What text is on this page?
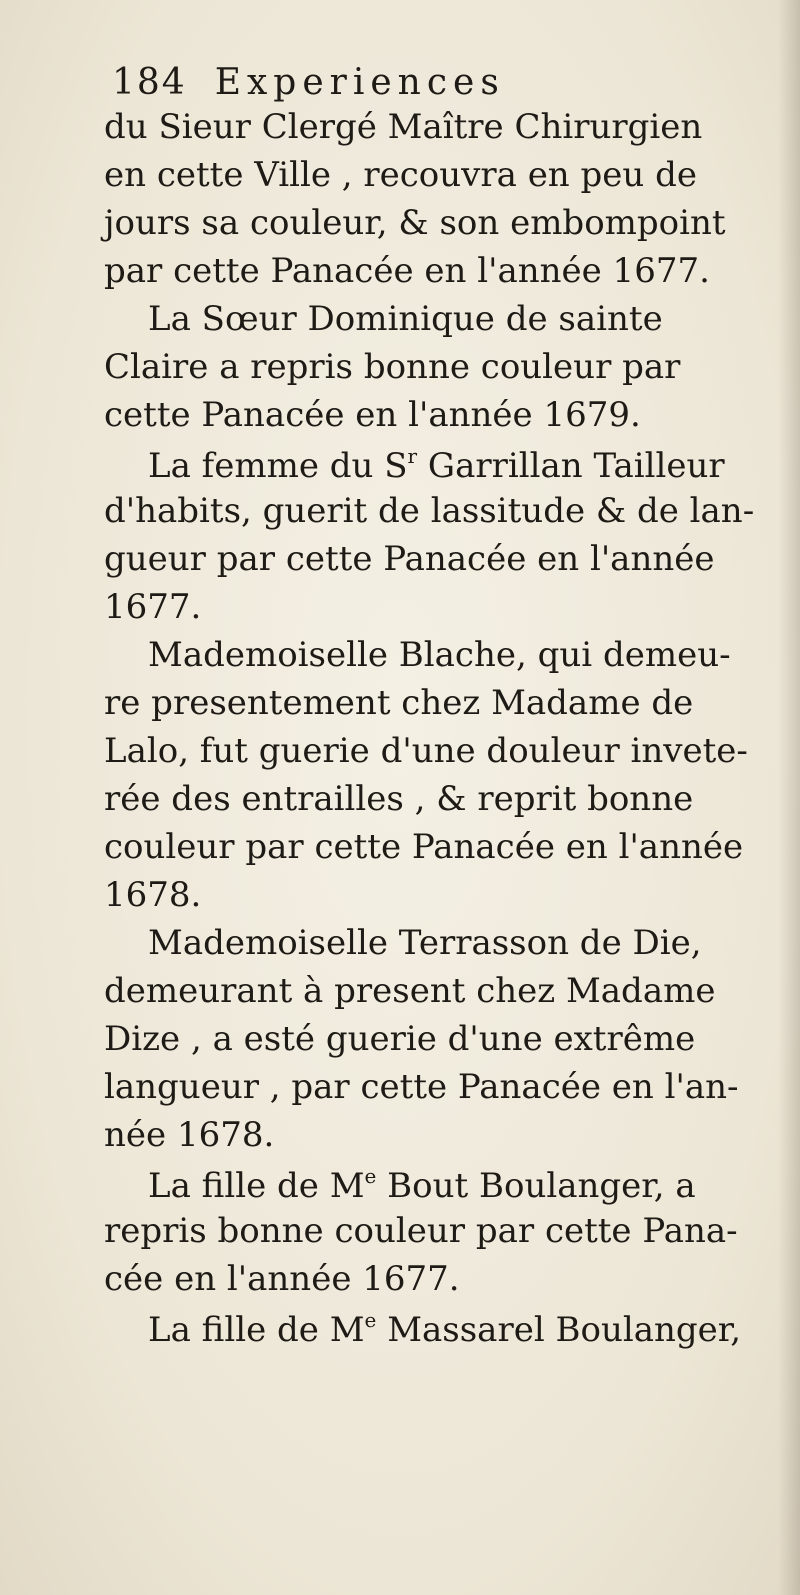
184 Experiences
du Sieur Clergé Maître Chirurgien
en cette Ville , recouvra en peu de
jours sa couleur, & son embompoint
par cette Panacée en l'année 1677.
La Sœur Dominique de sainte
Claire a repris bonne couleur par
cette Panacée en l'année 1679.
La femme du $S^r$ Garrillan Tailleur
d'habits, guerit de lassitude & de lan-
gueur par cette Panacée en l'année
1677.
Mademoiselle Blache, qui demeu-
re presentement chez Madame de
Lalo, fut guerie d'une douleur invete-
rée des entrailles , & reprit bonne
couleur par cette Panacée en l'année
1678.
Mademoiselle Terrasson de Die,
demeurant à present chez Madame
Dize , a esté guerie d'une extrême
langueur , par cette Panacée en l'an-
née 1678.
La fille de Me Bout Boulanger, a
repris bonne couleur par cette Pana-
cée en l'année 1677.
La fille de Me Massarel Boulanger,
